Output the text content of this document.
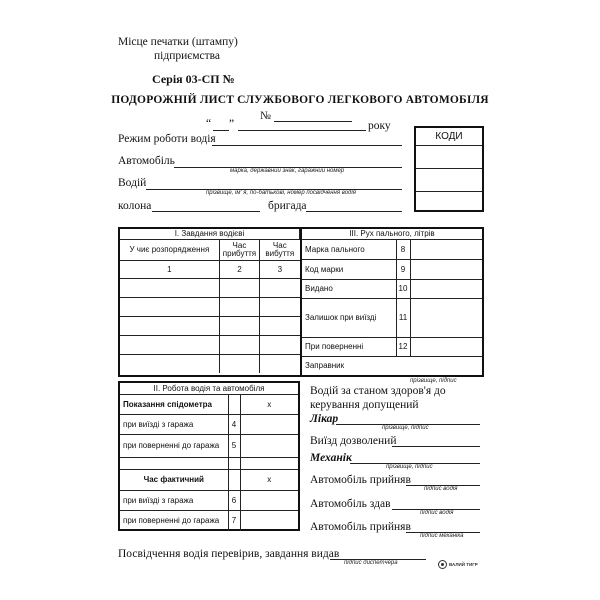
Місце печатки (штампу)
підприємства
Серія 03-СП №
ПОДОРОЖНІЙ ЛИСТ СЛУЖБОВОГО ЛЕГКОВОГО АВТОМОБІЛЯ
№
“ ”	року
Режим роботи водія
Автомобіль
марка, державний знак, гаражний номер
Водій
прізвище, ім' я, по-батькові, номер посвідчення водія
колона	бригада
КОДИ
I. Завдання водієві		
У чиє розпорядження	Час прибуття	Час вибуття
1	2	3

III. Рух пального, літрів		
Марка пального	8	
Код марки	9	
Видано	10	
Залишок при виїзді	11	
При поверненні	12	
Заправник		
прізвище, підпис
II. Робота водія та автомобіля		
Показання спідометра		х
при виїзді з гаража	4	
при поверненні до гаража	5	

Час фактичний		х
при виїзді з гаража	6	
при поверненні до гаража	7	
Водій за станом здоров'я до керування допущений
Лікар
прізвище, підпис
Виїзд дозволений
Механік
прізвище, підпис
Автомобіль прийняв
підпис водія
Автомобіль здав
підпис водія
Автомобіль прийняв
підпис механіка
Посвідчення водія перевірив, завдання видав
підпис диспетчера	ВАЛИЙ ТИГР
